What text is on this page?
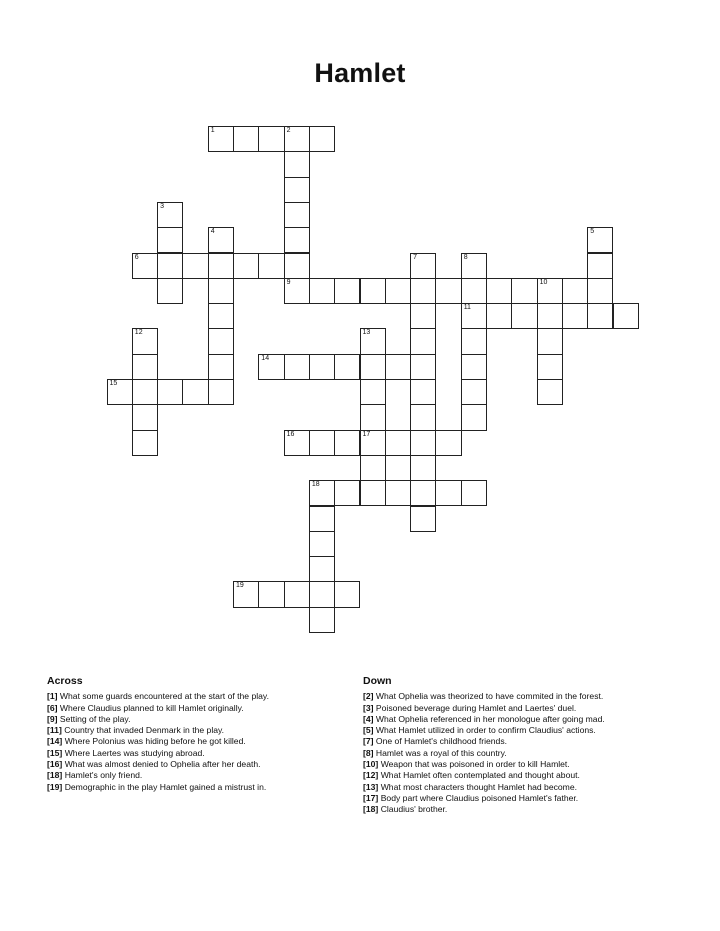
Hamlet
1	2
3
4	5
6	7	8
11
9	10
12	13
14
15
16	17
18
19
Across

[1] What some guards encountered at the start of the play.

[6] Where Claudius planned to kill Hamlet originally.

[9] Setting of the play.

[11] Country that invaded Denmark in the play.

[14] Where Polonius was hiding before he got killed.

[15] Where Laertes was studying abroad.

[16] What was almost denied to Ophelia after her death.

[18] Hamlet's only friend.

[19] Demographic in the play Hamlet gained a mistrust in.

Down

[2] What Ophelia was theorized to have commited in the forest.

[3] Poisoned beverage during Hamlet and Laertes' duel.

[4] What Ophelia referenced in her monologue after going mad.

[5] What Hamlet utilized in order to confirm Claudius' actions.

[7] One of Hamlet's childhood friends.

[8] Hamlet was a royal of this country.

[10] Weapon that was poisoned in order to kill Hamlet.

[12] What Hamlet often contemplated and thought about.

[13] What most characters thought Hamlet had become.

[17] Body part where Claudius poisoned Hamlet's father.

[18] Claudius' brother.
